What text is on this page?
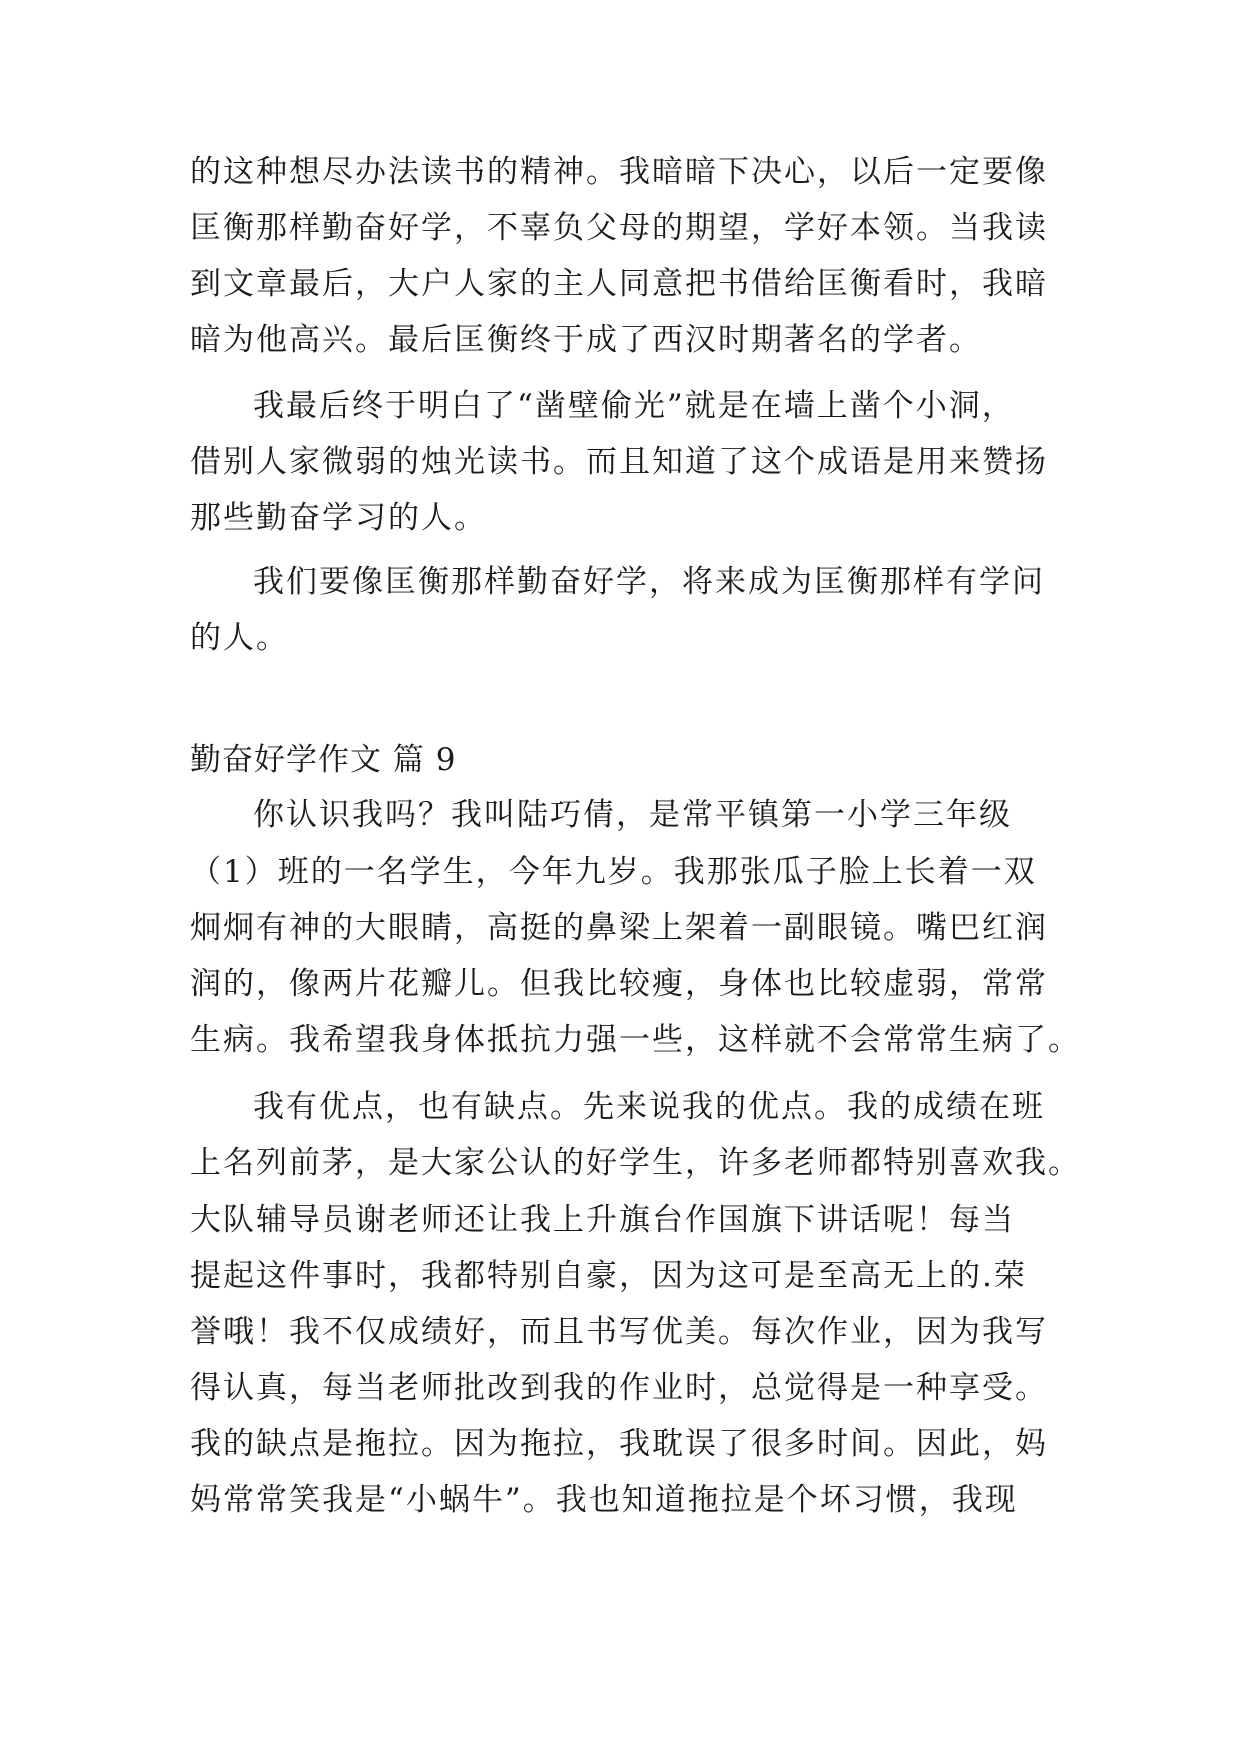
的这种想尽办法读书的精神。我暗暗下决心，以后一定要像
匡衡那样勤奋好学，不辜负父母的期望，学好本领。当我读
到文章最后，大户人家的主人同意把书借给匡衡看时，我暗
暗为他高兴。最后匡衡终于成了西汉时期著名的学者。
我最后终于明白了“凿壁偷光”就是在墙上凿个小洞，
借别人家微弱的烛光读书。而且知道了这个成语是用来赞扬
那些勤奋学习的人。
我们要像匡衡那样勤奋好学，将来成为匡衡那样有学问
的人。
勤奋好学作文 篇 9
你认识我吗？我叫陆巧倩，是常平镇第一小学三年级
（1）班的一名学生，今年九岁。我那张瓜子脸上长着一双
炯炯有神的大眼睛，高挺的鼻梁上架着一副眼镜。嘴巴红润
润的，像两片花瓣儿。但我比较瘦，身体也比较虚弱，常常
生病。我希望我身体抵抗力强一些，这样就不会常常生病了。
我有优点，也有缺点。先来说我的优点。我的成绩在班
上名列前茅，是大家公认的好学生，许多老师都特别喜欢我。
大队辅导员谢老师还让我上升旗台作国旗下讲话呢！每当
提起这件事时，我都特别自豪，因为这可是至高无上的.荣
誉哦！我不仅成绩好，而且书写优美。每次作业，因为我写
得认真，每当老师批改到我的作业时，总觉得是一种享受。
我的缺点是拖拉。因为拖拉，我耽误了很多时间。因此，妈
妈常常笑我是“小蜗牛”。我也知道拖拉是个坏习惯，我现
